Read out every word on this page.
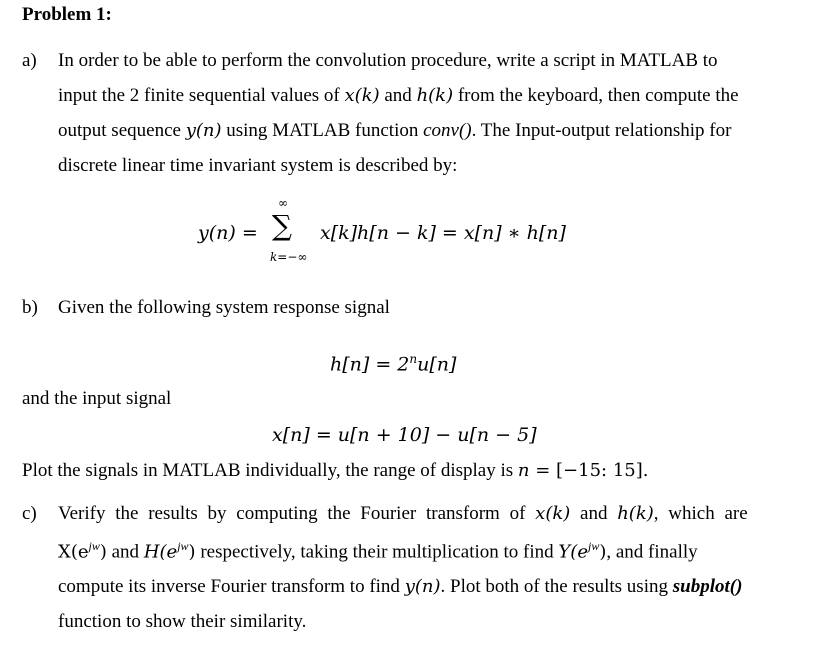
Problem 1:
a) In order to be able to perform the convolution procedure, write a script in MATLAB to
input the 2 finite sequential values of x(k) and h(k) from the keyboard, then compute the
output sequence y(n) using MATLAB function conv(). The Input-output relationship for
discrete linear time invariant system is described by:
y(n) =
∞
∑
k=−∞
x[k]h[n − k] = x[n] ∗ h[n]
b) Given the following system response signal
$h[n] = 2^nu[n]$
and the input signal
x[n] = u[n + 10] − u[n − 5]
Plot the signals in MATLAB individually, the range of display is n = [−15: 15].
c) Verify the results by computing the Fourier transform of x(k) and h(k), which are
$X(e^{jw})$ and $H(e^{jw})$ respectively, taking their multiplication to find $Y(e^{jw})$, and finally
compute its inverse Fourier transform to find y(n). Plot both of the results using subplot()
function to show their similarity.
